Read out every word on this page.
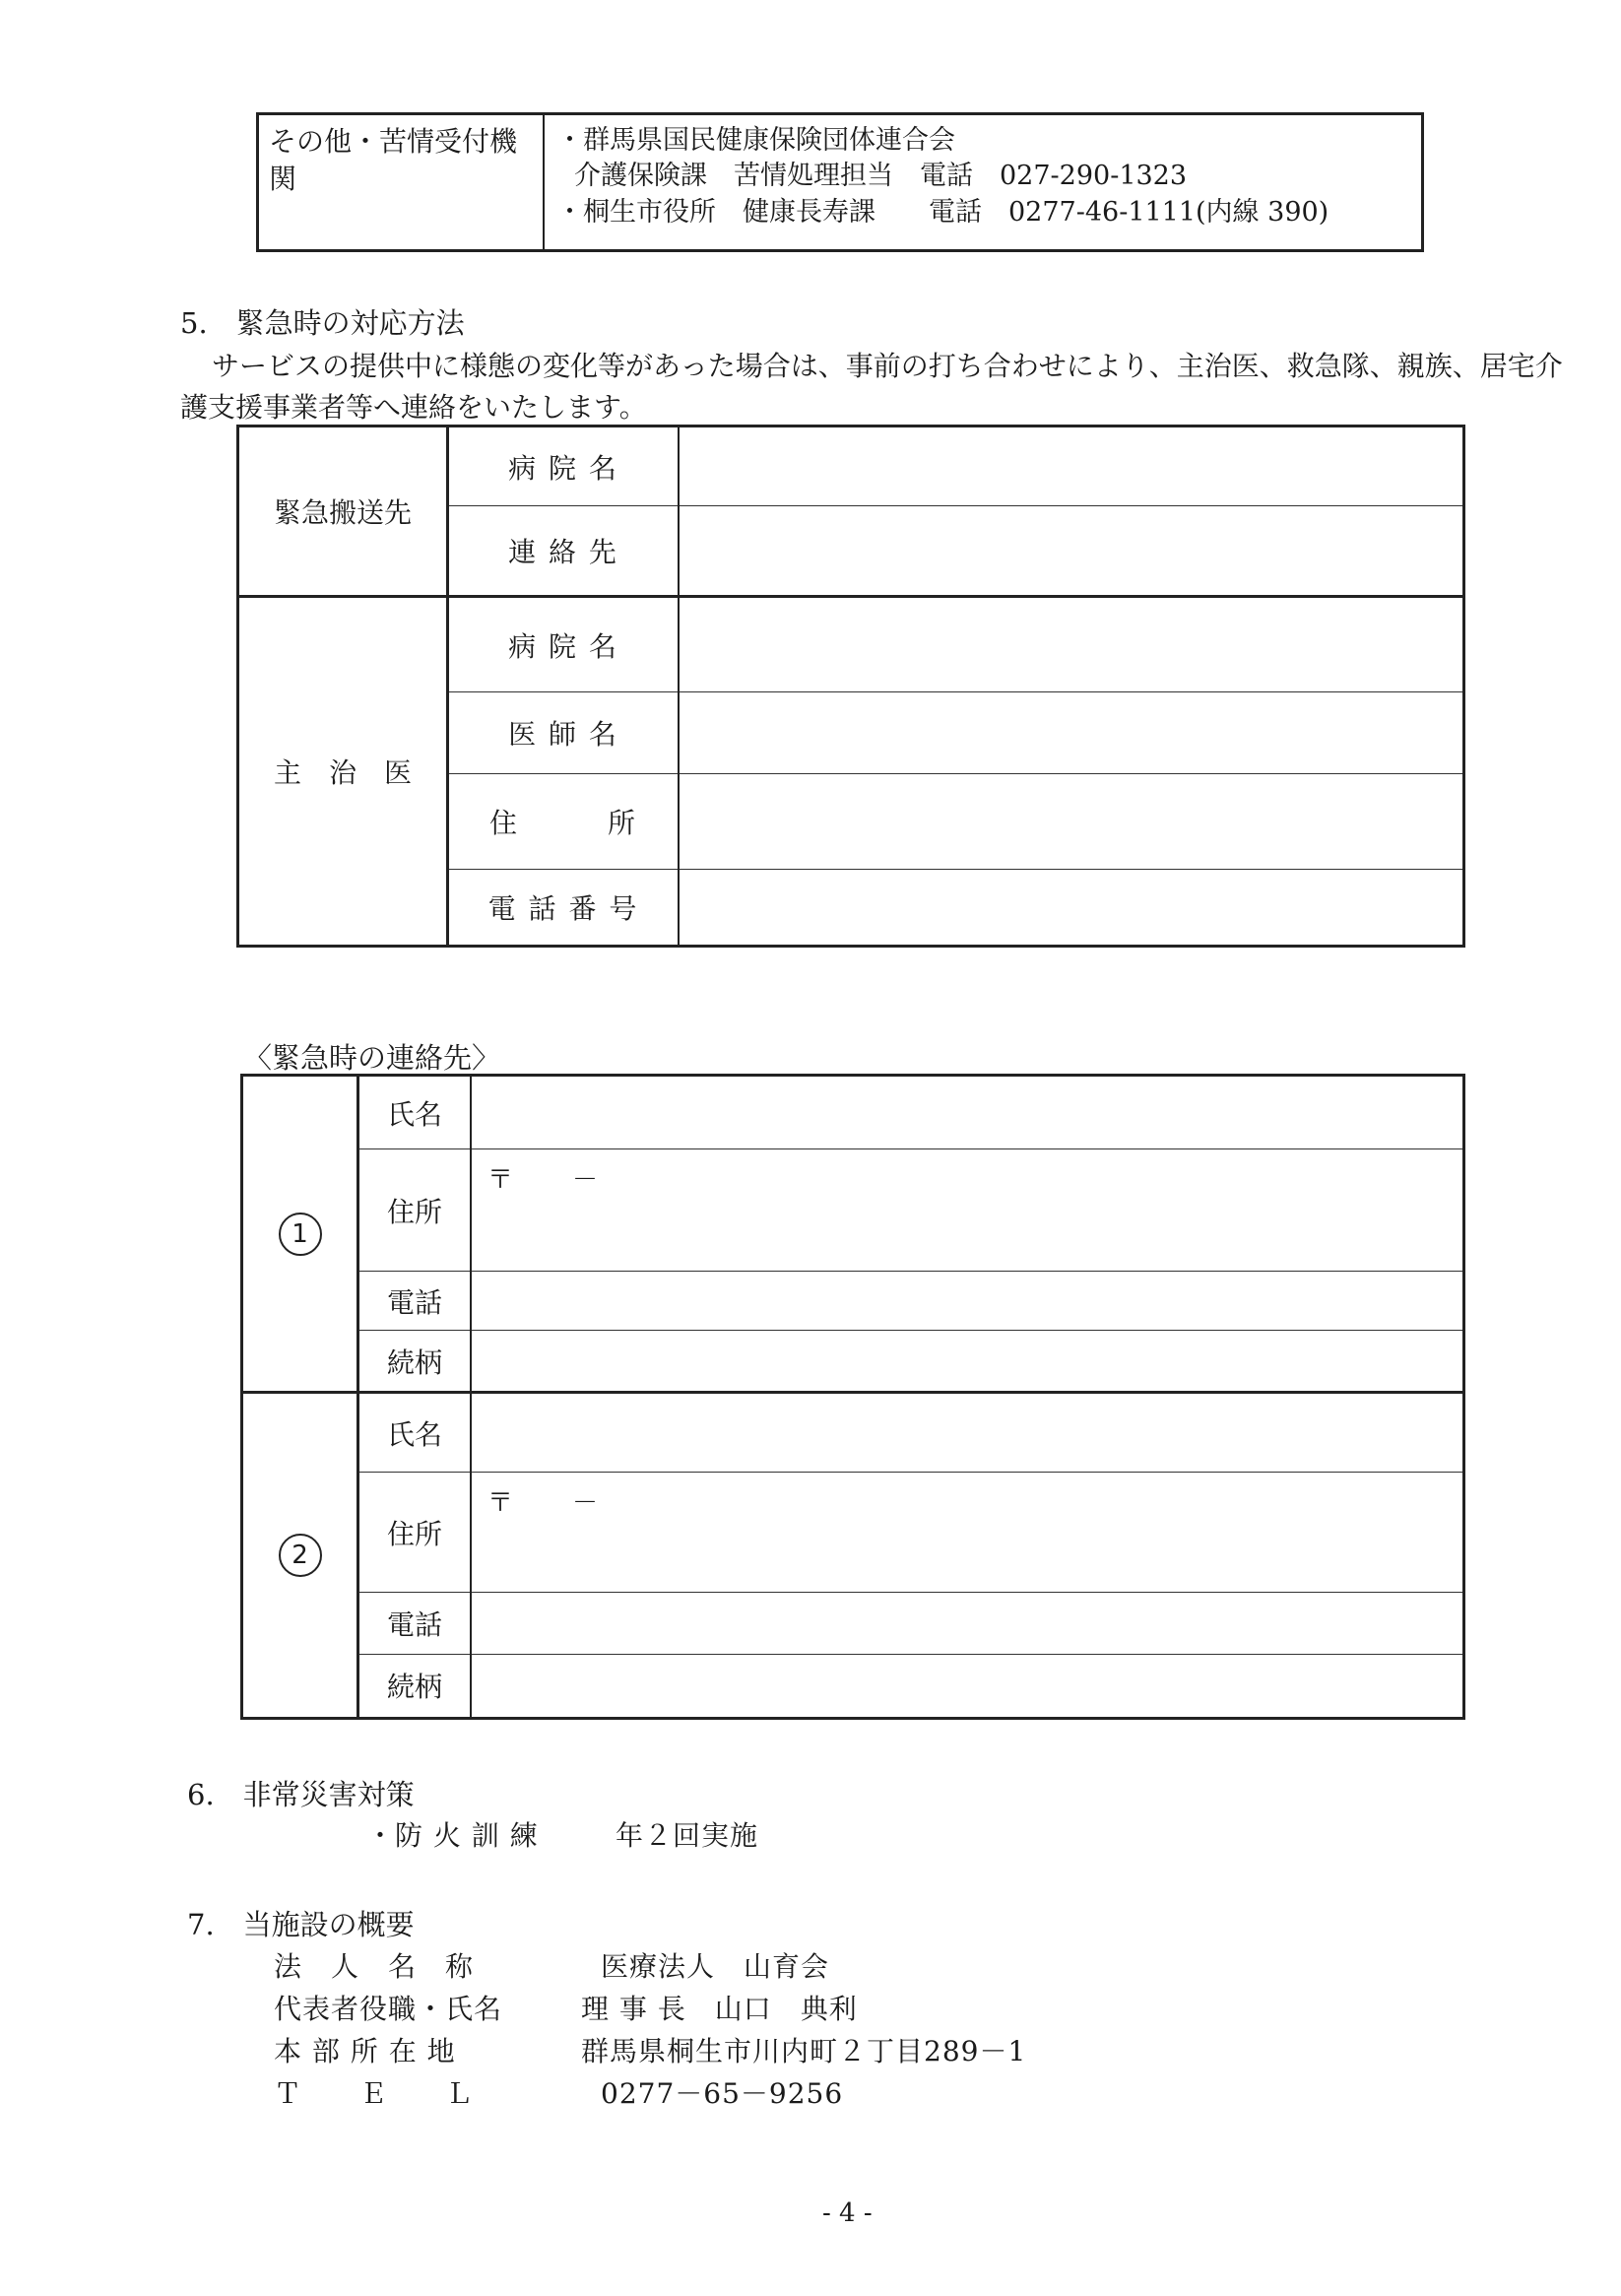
その他・苦情受付機関	
・群馬県国民健康保険団体連合会
介護保険課　苦情処理担当　電話　027-290-1323
・桐生市役所　健康長寿課　　電話　0277-46-1111(内線 390)
5.　緊急時の対応方法
サービスの提供中に様態の変化等があった場合は、事前の打ち合わせにより、主治医、救急隊、親族、居宅介
護支援事業者等へ連絡をいたします。
緊急搬送先	病 院 名	
	連 絡 先	
主　治　医	病 院 名	
	医 師 名	
	住　　　所	
	電 話 番 号	
〈緊急時の連絡先〉
1	氏名	
	住所	〒 －
	電話	
	続柄	
2	氏名	
	住所	〒 －
	電話	
	続柄	
6.　非常災害対策
・防 火 訓 練	年２回実施
7.　当施設の概要
法　人　名　称	医療法人　山育会
代表者役職・氏名	理 事 長　山口　典利
本 部 所 在 地	群馬県桐生市川内町２丁目289－1
Ｔ　　Ｅ　　Ｌ	0277－65－9256
- 4 -
